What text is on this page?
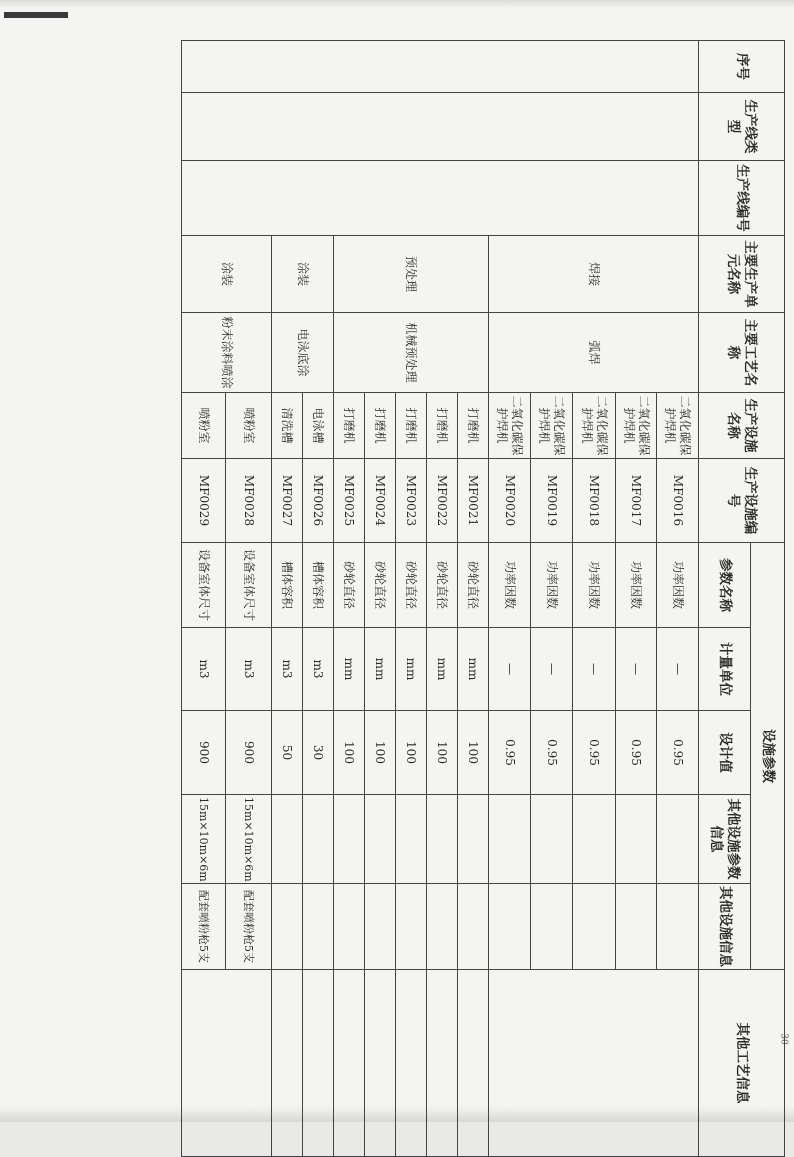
30
序号	生产线类型	生产线编号	主要生产单元名称	主要工艺名称	生产设施名称	生产设施编号	设施参数					其他工艺信息
							参数名称	计量单位	设计值	其他设施参数信息	其他设施信息	
			焊接	弧焊	二氧化碳保护焊机	MF0016	功率因数	—	0.95			
					二氧化碳保护焊机	MF0017	功率因数	—	0.95			
					二氧化碳保护焊机	MF0018	功率因数	—	0.95			
					二氧化碳保护焊机	MF0019	功率因数	—	0.95			
					二氧化碳保护焊机	MF0020	功率因数	—	0.95			
			预处理	机械预处理	打磨机	MF0021	砂轮直径	mm	100			
					打磨机	MF0022	砂轮直径	mm	100			
					打磨机	MF0023	砂轮直径	mm	100			
					打磨机	MF0024	砂轮直径	mm	100			
					打磨机	MF0025	砂轮直径	mm	100			
			涂装	电泳底涂	电泳槽	MF0026	槽体容积	m3	30			
					清洗槽	MF0027	槽体容积	m3	50			
			涂装	粉末涂料喷涂	喷粉室	MF0028	设备室体尺寸	m3	900	15m×10m×6m	配套喷粉枪5支	
					喷粉室	MF0029	设备室体尺寸	m3	900	15m×10m×6m	配套喷粉枪5支	
